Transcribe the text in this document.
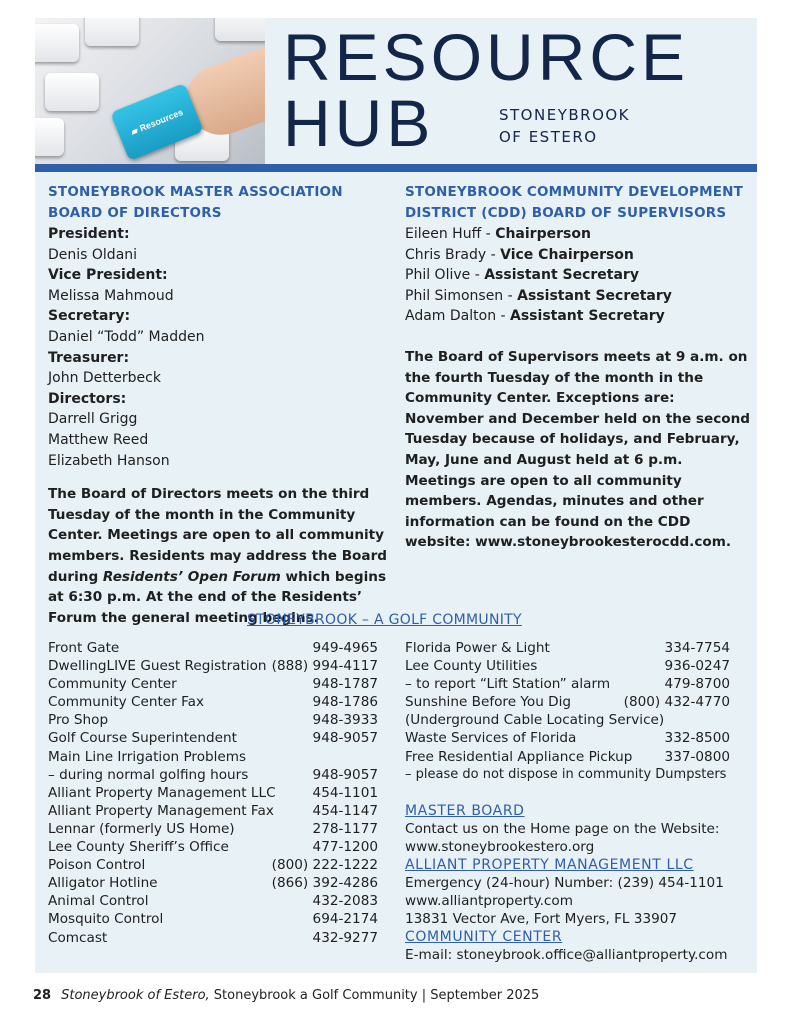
▰
Resources
RESOURCE
HUB	STONEYBROOK
OF ESTERO
STONEYBROOK MASTER ASSOCIATION
BOARD OF DIRECTORS
President:
Denis Oldani
Vice President:
Melissa Mahmoud
Secretary:
Daniel “Todd” Madden
Treasurer:
John Detterbeck
Directors:
Darrell Grigg
Matthew Reed
Elizabeth Hanson
The Board of Directors meets on the third Tuesday of the month in the Community Center. Meetings are open to all community members. Residents may address the Board during Residents’ Open Forum which begins at 6:30 p.m. At the end of the Residents’ Forum the general meeting begins.
STONEYBROOK COMMUNITY DEVELOPMENT
DISTRICT (CDD) BOARD OF SUPERVISORS
Eileen Huff - Chairperson
Chris Brady - Vice Chairperson
Phil Olive - Assistant Secretary
Phil Simonsen - Assistant Secretary
Adam Dalton - Assistant Secretary
The Board of Supervisors meets at 9 a.m. on the fourth Tuesday of the month in the Community Center. Exceptions are: November and December held on the second Tuesday because of holidays, and February, May, June and August held at 6 p.m. Meetings are open to all community members. Agendas, minutes and other information can be found on the CDD website: www.stoneybrookesterocdd.com.
STONEYBROOK – A GOLF COMMUNITY
Front Gate	949-4965
DwellingLIVE Guest Registration (888) 994-4117
Community Center	948-1787
Community Center Fax	948-1786
Pro Shop	948-3933
Golf Course Superintendent	948-9057
Main Line Irrigation Problems
– during normal golfing hours	948-9057
Alliant Property Management LLC	454-1101
Alliant Property Management Fax	454-1147
Lennar (formerly US Home)	278-1177
Lee County Sheriff’s Office	477-1200
Poison Control	(800) 222-1222
Alligator Hotline	(866) 392-4286
Animal Control	432-2083
Mosquito Control	694-2174
Comcast	432-9277
Florida Power & Light	334-7754
Lee County Utilities	936-0247
– to report “Lift Station” alarm	479-8700
Sunshine Before You Dig	(800) 432-4770
(Underground Cable Locating Service)
Waste Services of Florida	332-8500
Free Residential Appliance Pickup 337-0800
– please do not dispose in community Dumpsters
MASTER BOARD
Contact us on the Home page on the Website:
www.stoneybrookestero.org
ALLIANT PROPERTY MANAGEMENT LLC
Emergency (24-hour) Number: (239) 454-1101
www.alliantproperty.com
13831 Vector Ave, Fort Myers, FL 33907
COMMUNITY CENTER
E-mail: stoneybrook.office@alliantproperty.com
28 Stoneybrook of Estero, Stoneybrook a Golf Community | September 2025
